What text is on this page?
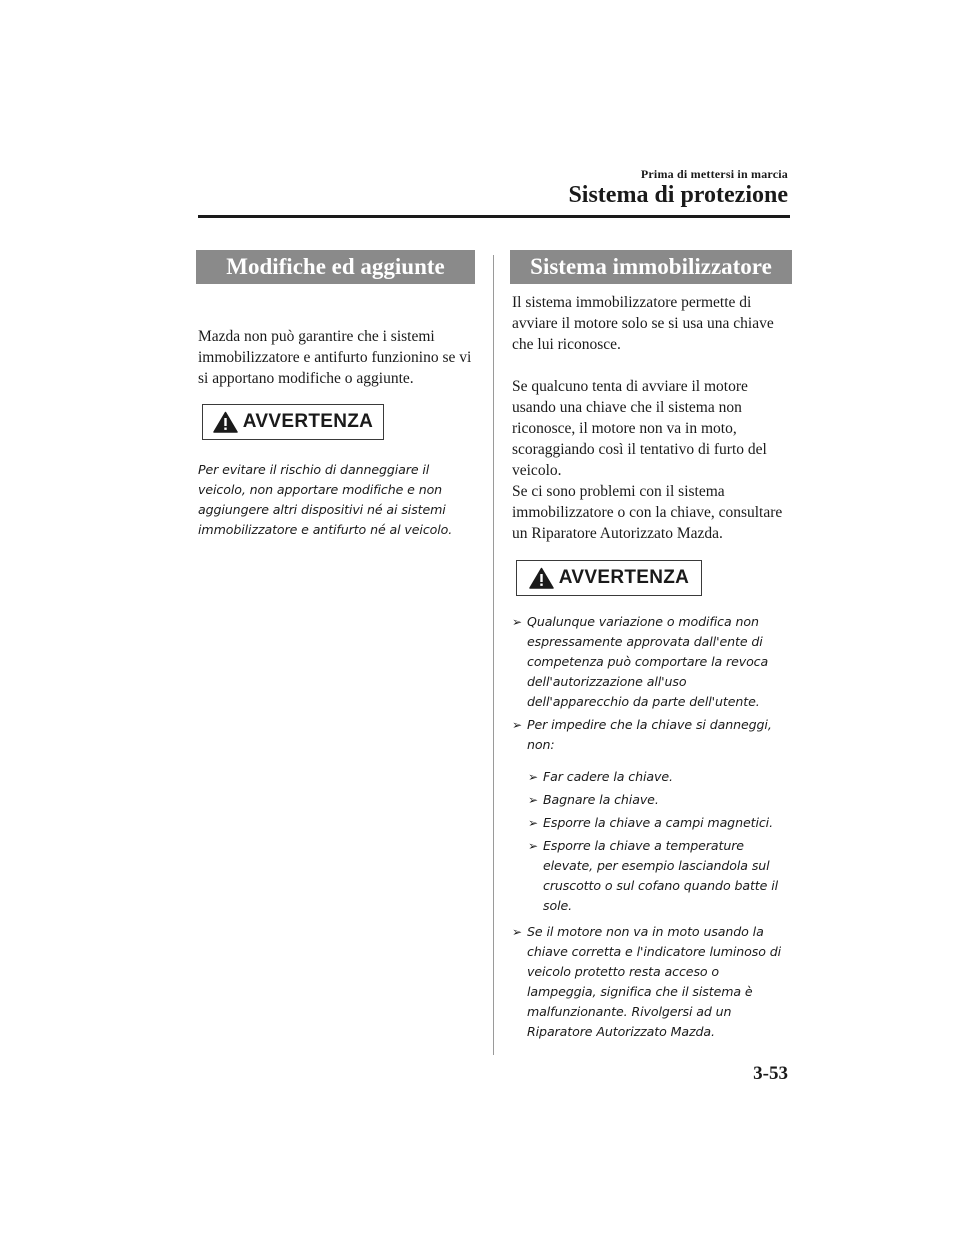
Prima di mettersi in marcia
Sistema di protezione
Modifiche ed aggiunte

Mazda non può garantire che i sistemi immobilizzatore e antifurto funzionino se vi si apportano modifiche o aggiunte.

AVVERTENZA

Per evitare il rischio di danneggiare il veicolo, non apportare modifiche e non aggiungere altri dispositivi né ai sistemi immobilizzatore e antifurto né al veicolo.

Sistema immobilizzatore

Il sistema immobilizzatore permette di avviare il motore solo se si usa una chiave che lui riconosce.

Se qualcuno tenta di avviare il motore usando una chiave che il sistema non riconosce, il motore non va in moto, scoraggiando così il tentativo di furto del veicolo.

Se ci sono problemi con il sistema immobilizzatore o con la chiave, consultare un Riparatore Autorizzato Mazda.

AVVERTENZA
➢ Qualunque variazione o modifica non espressamente approvata dall'ente di competenza può comportare la revoca dell'autorizzazione all'uso dell'apparecchio da parte dell'utente.
➢ Per impedire che la chiave si danneggi, non:
➢ Far cadere la chiave.
➢ Bagnare la chiave.
➢ Esporre la chiave a campi magnetici.
➢ Esporre la chiave a temperature elevate, per esempio lasciandola sul cruscotto o sul cofano quando batte il sole.
➢ Se il motore non va in moto usando la chiave corretta e l'indicatore luminoso di veicolo protetto resta acceso o lampeggia, significa che il sistema è malfunzionante. Rivolgersi ad un Riparatore Autorizzato Mazda.
3-53
